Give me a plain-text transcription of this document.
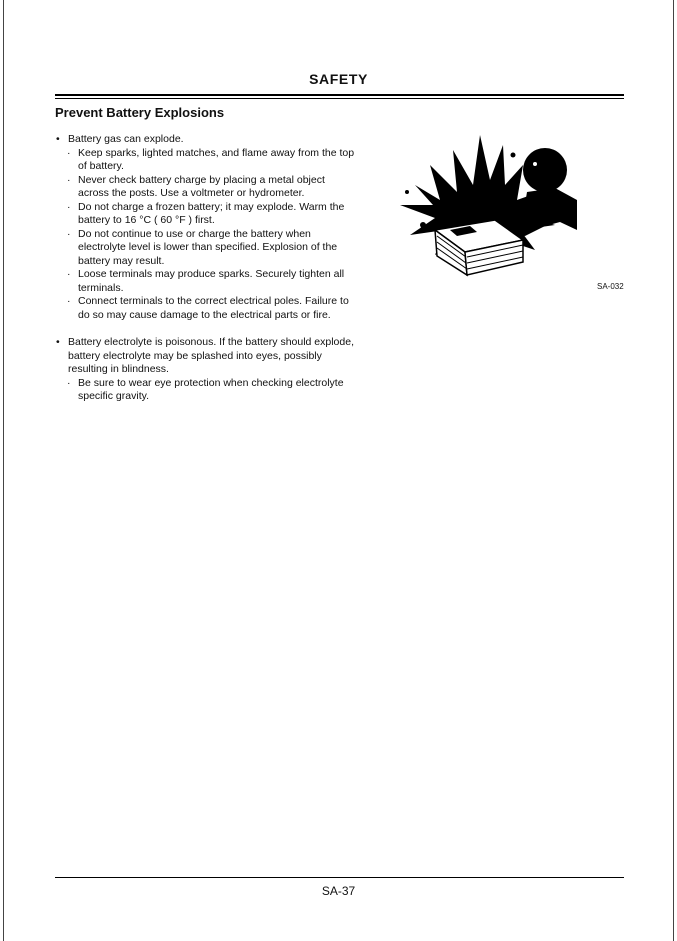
SAFETY
Prevent Battery Explosions
• Battery gas can explode.
· Keep sparks, lighted matches, and flame away from the top of battery.
· Never check battery charge by placing a metal object across the posts. Use a voltmeter or hydrometer.
· Do not charge a frozen battery; it may explode. Warm the battery to 16 °C ( 60 °F ) first.
· Do not continue to use or charge the battery when electrolyte level is lower than specified. Explosion of the battery may result.
· Loose terminals may produce sparks. Securely tighten all terminals.
· Connect terminals to the correct electrical poles. Failure to do so may cause damage to the electrical parts or fire.
• Battery electrolyte is poisonous. If the battery should explode, battery electrolyte may be splashed into eyes, possibly resulting in blindness.
· Be sure to wear eye protection when checking electrolyte specific gravity.
SA-032
SA-37
